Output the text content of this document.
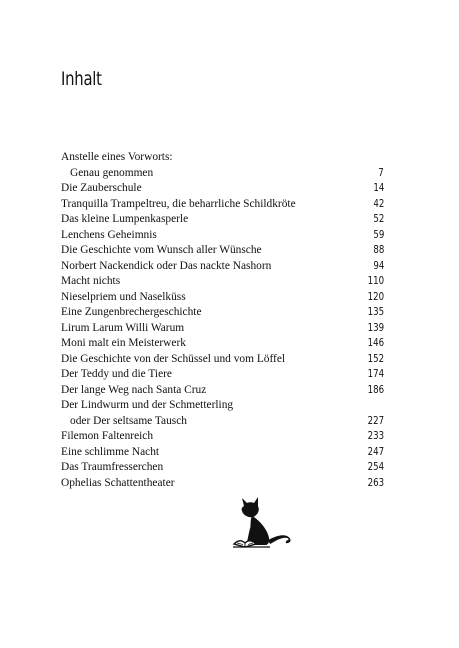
Inhalt
Anstelle eines Vorworts:
Genau genommen	7
Die Zauberschule	14
Tranquilla Trampeltreu, die beharrliche Schildkröte	42
Das kleine Lumpenkasperle	52
Lenchens Geheimnis	59
Die Geschichte vom Wunsch aller Wünsche	88
Norbert Nackendick oder Das nackte Nashorn	94
Macht nichts	110
Nieselpriem und Naselküss	120
Eine Zungenbrechergeschichte	135
Lirum Larum Willi Warum	139
Moni malt ein Meisterwerk	146
Die Geschichte von der Schüssel und vom Löffel	152
Der Teddy und die Tiere	174
Der lange Weg nach Santa Cruz	186
Der Lindwurm und der Schmetterling
oder Der seltsame Tausch	227
Filemon Faltenreich	233
Eine schlimme Nacht	247
Das Traumfresserchen	254
Ophelias Schattentheater	263
